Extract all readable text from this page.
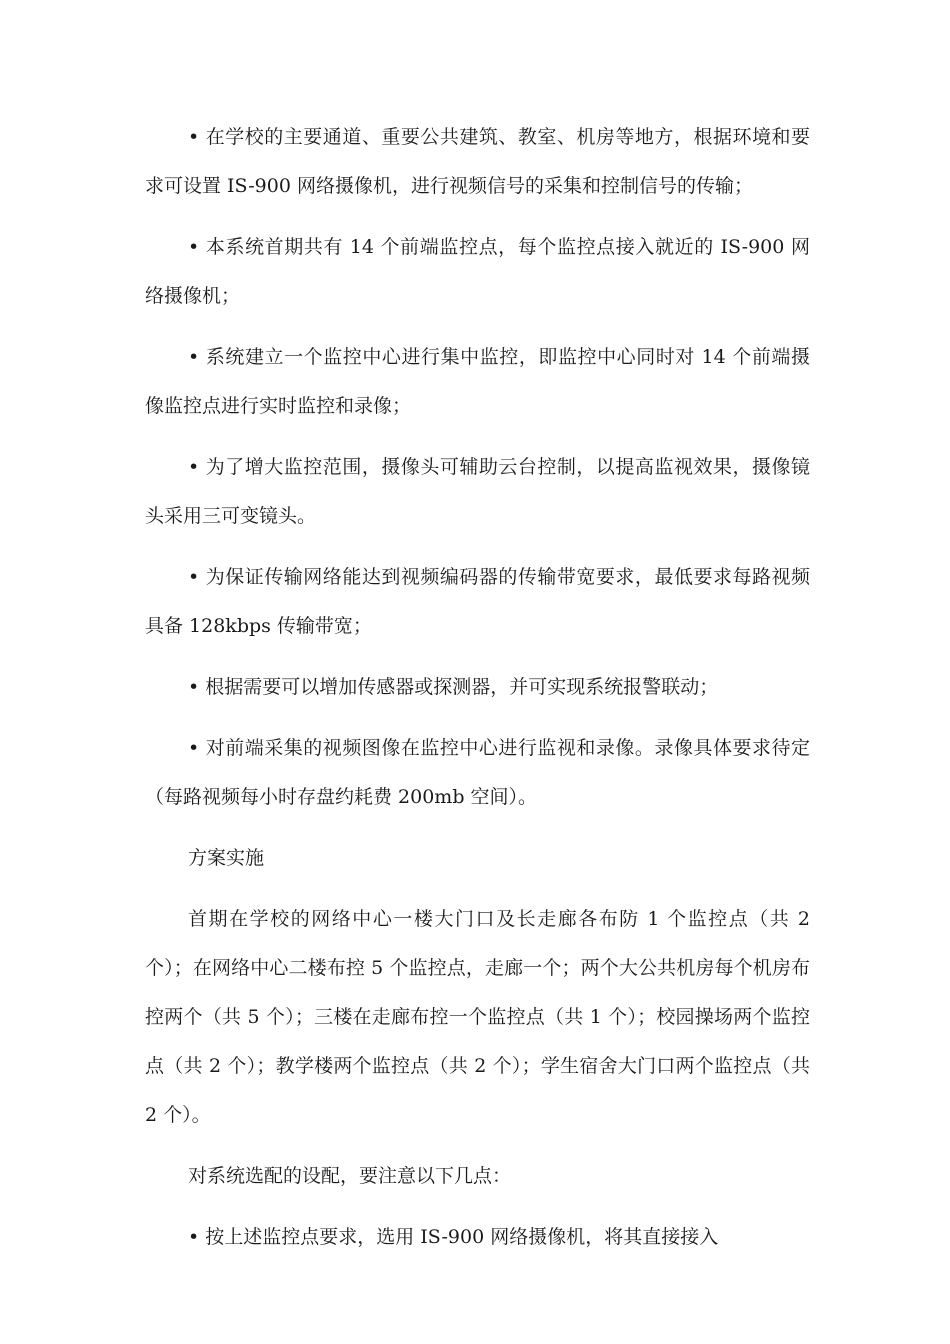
• 在学校的主要通道、重要公共建筑、教室、机房等地方，根据环境和要求可设置 IS-900 网络摄像机，进行视频信号的采集和控制信号的传输；

• 本系统首期共有 14 个前端监控点，每个监控点接入就近的 IS-900 网络摄像机；

• 系统建立一个监控中心进行集中监控，即监控中心同时对 14 个前端摄像监控点进行实时监控和录像；

• 为了增大监控范围，摄像头可辅助云台控制，以提高监视效果，摄像镜头采用三可变镜头。

• 为保证传输网络能达到视频编码器的传输带宽要求，最低要求每路视频具备 128kbps 传输带宽；

• 根据需要可以增加传感器或探测器，并可实现系统报警联动；

• 对前端采集的视频图像在监控中心进行监视和录像。录像具体要求待定（每路视频每小时存盘约耗费 200mb 空间）。

方案实施

首期在学校的网络中心一楼大门口及长走廊各布防 1 个监控点（共 2 个）；在网络中心二楼布控 5 个监控点，走廊一个；两个大公共机房每个机房布控两个（共 5 个）；三楼在走廊布控一个监控点（共 1 个）；校园操场两个监控点（共 2 个）；教学楼两个监控点（共 2 个）；学生宿舍大门口两个监控点（共 2 个）。

对系统选配的设配，要注意以下几点：

• 按上述监控点要求，选用 IS-900 网络摄像机，将其直接接入
